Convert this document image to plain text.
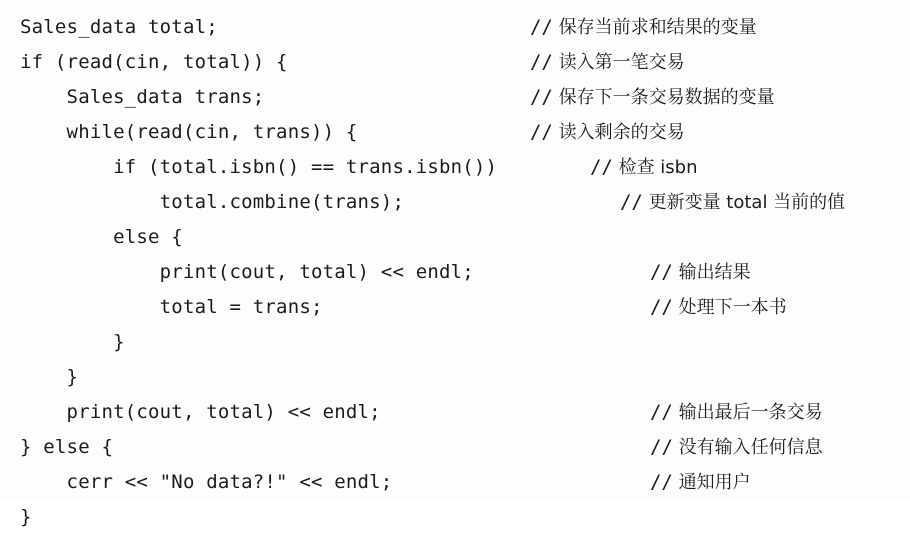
Sales_data total;	// 保存当前求和结果的变量
if (read(cin, total)) {	// 读入第一笔交易
Sales_data trans;	// 保存下一条交易数据的变量
while(read(cin, trans)) {	// 读入剩余的交易
if (total.isbn() == trans.isbn())	// 检查 isbn
total.combine(trans);	// 更新变量 total 当前的值
else {
print(cout, total) << endl;	// 输出结果
total = trans;	// 处理下一本书
}
}
print(cout, total) << endl;	// 输出最后一条交易
} else {	// 没有输入任何信息
cerr << "No data?!" << endl;	// 通知用户
}
